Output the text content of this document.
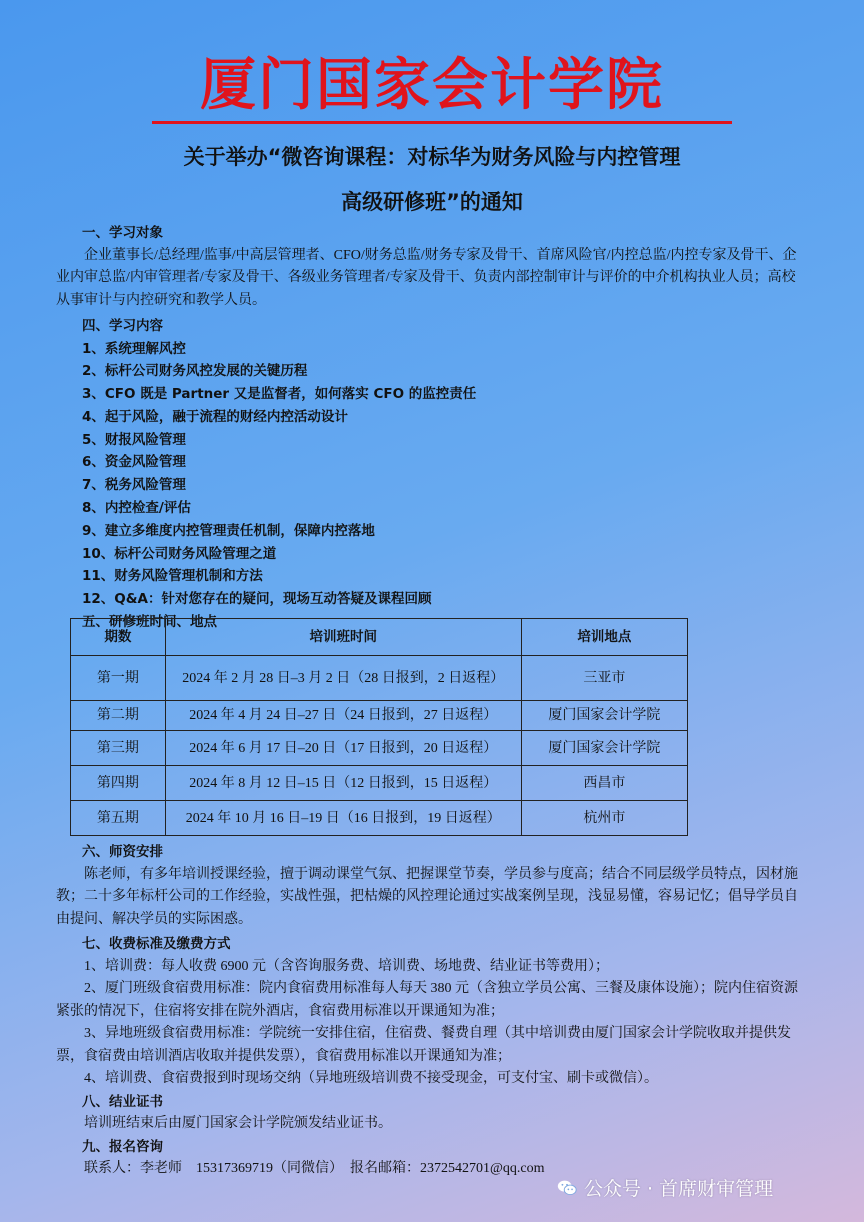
厦门国家会计学院
关于举办“微咨询课程：对标华为财务风险与内控管理
高级研修班”的通知
一、学习对象
企业董事长/总经理/监事/中高层管理者、CFO/财务总监/财务专家及骨干、首席风险官/内控总监/内控专家及骨干、企业内审总监/内审管理者/专家及骨干、各级业务管理者/专家及骨干、负责内部控制审计与评价的中介机构执业人员；高校从事审计与内控研究和教学人员。
四、学习内容
1、系统理解风控
2、标杆公司财务风控发展的关键历程
3、CFO 既是 Partner 又是监督者，如何落实 CFO 的监控责任
4、起于风险，融于流程的财经内控活动设计
5、财报风险管理
6、资金风险管理
7、税务风险管理
8、内控检查/评估
9、建立多维度内控管理责任机制，保障内控落地
10、标杆公司财务风险管理之道
11、财务风险管理机制和方法
12、Q&A：针对您存在的疑问，现场互动答疑及课程回顾
五、研修班时间、地点
期数	培训班时间	培训地点
第一期	2024 年 2 月 28 日–3 月 2 日（28 日报到，2 日返程）	三亚市
第二期	2024 年 4 月 24 日–27 日（24 日报到，27 日返程）	厦门国家会计学院
第三期	2024 年 6 月 17 日–20 日（17 日报到，20 日返程）	厦门国家会计学院
第四期	2024 年 8 月 12 日–15 日（12 日报到，15 日返程）	西昌市
第五期	2024 年 10 月 16 日–19 日（16 日报到，19 日返程）	杭州市
六、师资安排
陈老师，有多年培训授课经验，擅于调动课堂气氛、把握课堂节奏，学员参与度高；结合不同层级学员特点，因材施教；二十多年标杆公司的工作经验，实战性强，把枯燥的风控理论通过实战案例呈现，浅显易懂，容易记忆；倡导学员自由提问、解决学员的实际困惑。
七、收费标准及缴费方式
1、培训费：每人收费 6900 元（含咨询服务费、培训费、场地费、结业证书等费用）；
2、厦门班级食宿费用标准：院内食宿费用标准每人每天 380 元（含独立学员公寓、三餐及康体设施）；院内住宿资源紧张的情况下，住宿将安排在院外酒店，食宿费用标准以开课通知为准；
3、异地班级食宿费用标准：学院统一安排住宿，住宿费、餐费自理（其中培训费由厦门国家会计学院收取并提供发票，食宿费由培训酒店收取并提供发票），食宿费用标准以开课通知为准；
4、培训费、食宿费报到时现场交纳（异地班级培训费不接受现金，可支付宝、刷卡或微信）。
八、结业证书
培训班结束后由厦门国家会计学院颁发结业证书。
九、报名咨询
联系人：李老师　15317369719（同微信）　报名邮箱：2372542701@qq.com
公众号 · 首席财审管理
